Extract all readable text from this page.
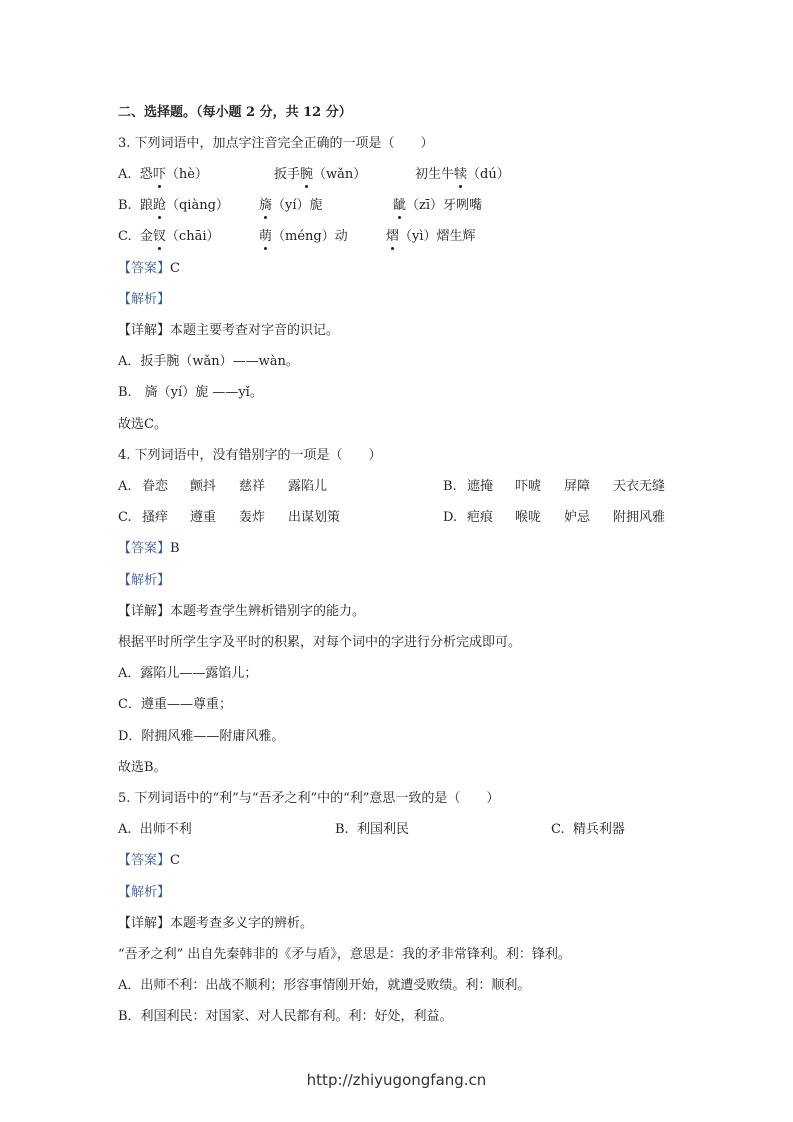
二、选择题。（每小题 2 分，共 12 分）
3. 下列词语中，加点字注音完全正确的一项是（　　）
A. 恐吓（hè）	扳手腕（wǎn）	初生牛犊（dú）
B. 踉跄（qiàng） 旖（yí）旎	龇（zī）牙咧嘴
C. 金钗（chāi）	萌（méng）动	熠（yì）熠生辉
【答案】C
【解析】
【详解】本题主要考查对字音的识记。
A．扳手腕（wǎn）——wàn。
B.　旖（yí）旎 ——yǐ。
故选C。
4. 下列词语中，没有错别字的一项是（　　）
A. 眷恋 颤抖 慈祥 露陷儿	B. 遮掩 吓唬 屏障 天衣无缝
C. 搔痒 遵重 轰炸 出谋划策	D. 疤痕 喉咙 妒忌 附拥风雅
【答案】B
【解析】
【详解】本题考查学生辨析错别字的能力。
根据平时所学生字及平时的积累，对每个词中的字进行分析完成即可。
A．露陷儿——露馅儿；
C．遵重——尊重；
D．附拥风雅——附庸风雅。
故选B。
5. 下列词语中的“利”与“吾矛之利”中的“利”意思一致的是（　　）
A. 出师不利	B. 利国利民	C. 精兵利器
【答案】C
【解析】
【详解】本题考查多义字的辨析。
“吾矛之利” 出自先秦韩非的《矛与盾》，意思是：我的矛非常锋利。利：锋利。
A．出师不利：出战不顺利；形容事情刚开始，就遭受败绩。利：顺利。
B．利国利民：对国家、对人民都有利。利：好处，利益。
http://zhiyugongfang.cn
